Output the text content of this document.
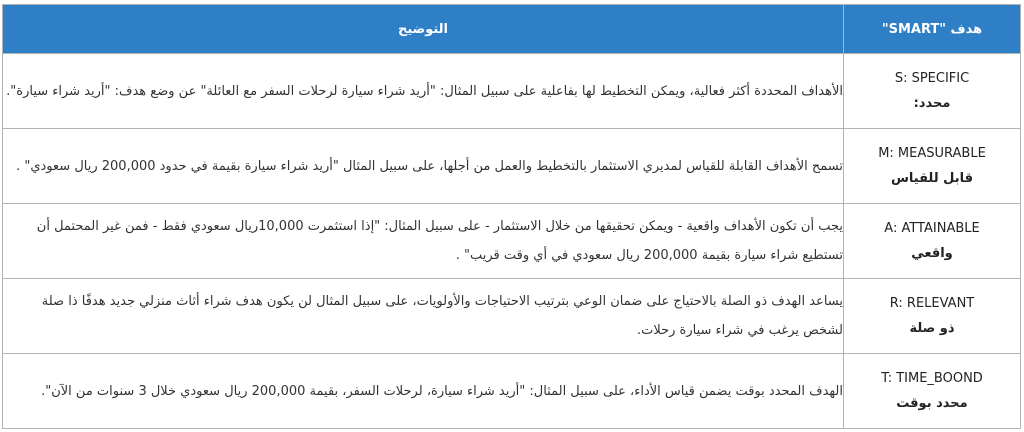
هدف "SMART"	التوضيح

S: SPECIFIC
محدد:	الأهداف المحددة أكثر فعالية، ويمكن التخطيط لها بفاعلية على سبيل المثال: "أريد شراء سيارة لرحلات السفر مع العائلة" عن وضع هدف: "أريد شراء سيارة".

M: MEASURABLE
قابل للقياس	تسمح الأهداف القابلة للقياس لمديري الاستثمار بالتخطيط والعمل من أجلها، على سبيل المثال "أريد شراء سيارة بقيمة في حدود 200,000 ريال سعودي" .

A: ATTAINABLE
واقعي	يجب أن تكون الأهداف واقعية - ويمكن تحقيقها من خلال الاستثمار - على سبيل المثال: "إذا استثمرت 10,000ريال سعودي فقط - فمن غير المحتمل أن تستطيع شراء سيارة بقيمة 200,000 ريال سعودي في أي وقت قريب" .

R: RELEVANT
ذو صلة	يساعد الهدف ذو الصلة بالاحتياج على ضمان الوعي بترتيب الاحتياجات والأولويات، على سبيل المثال لن يكون هدف شراء أثاث منزلي جديد هدفًا ذا صلة لشخص يرغب في شراء سيارة رحلات.

T: TIME_BOOND
محدد بوقت	الهدف المحدد بوقت يضمن قياس الأداء، على سبيل المثال: "أريد شراء سيارة، لرحلات السفر، بقيمة 200,000 ريال سعودي خلال 3 سنوات من الآن".
